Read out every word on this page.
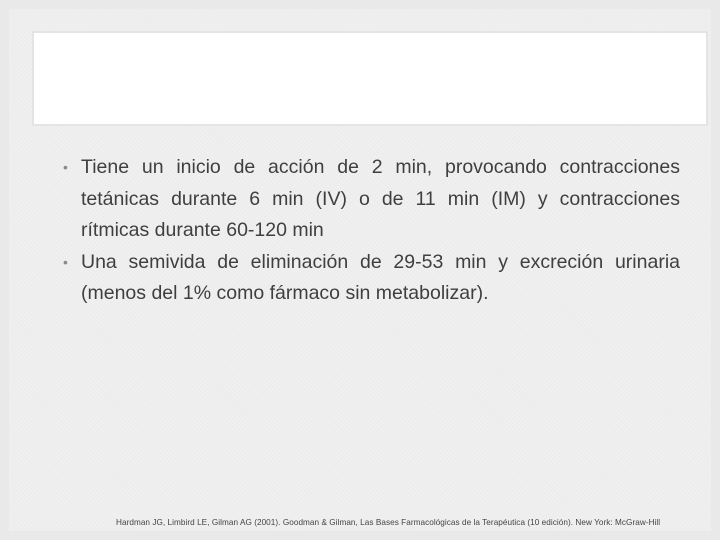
• Tiene un inicio de acción de 2 min, provocando contracciones tetánicas durante 6 min (IV) o de 11 min (IM) y contracciones rítmicas durante 60-120 min
• Una semivida de eliminación de 29-53 min y excreción urinaria (menos del 1% como fármaco sin metabolizar).
Hardman JG, Limbird LE, Gilman AG (2001). Goodman & Gilman, Las Bases Farmacológicas de la Terapéutica (10 edición). New York: McGraw-Hill
